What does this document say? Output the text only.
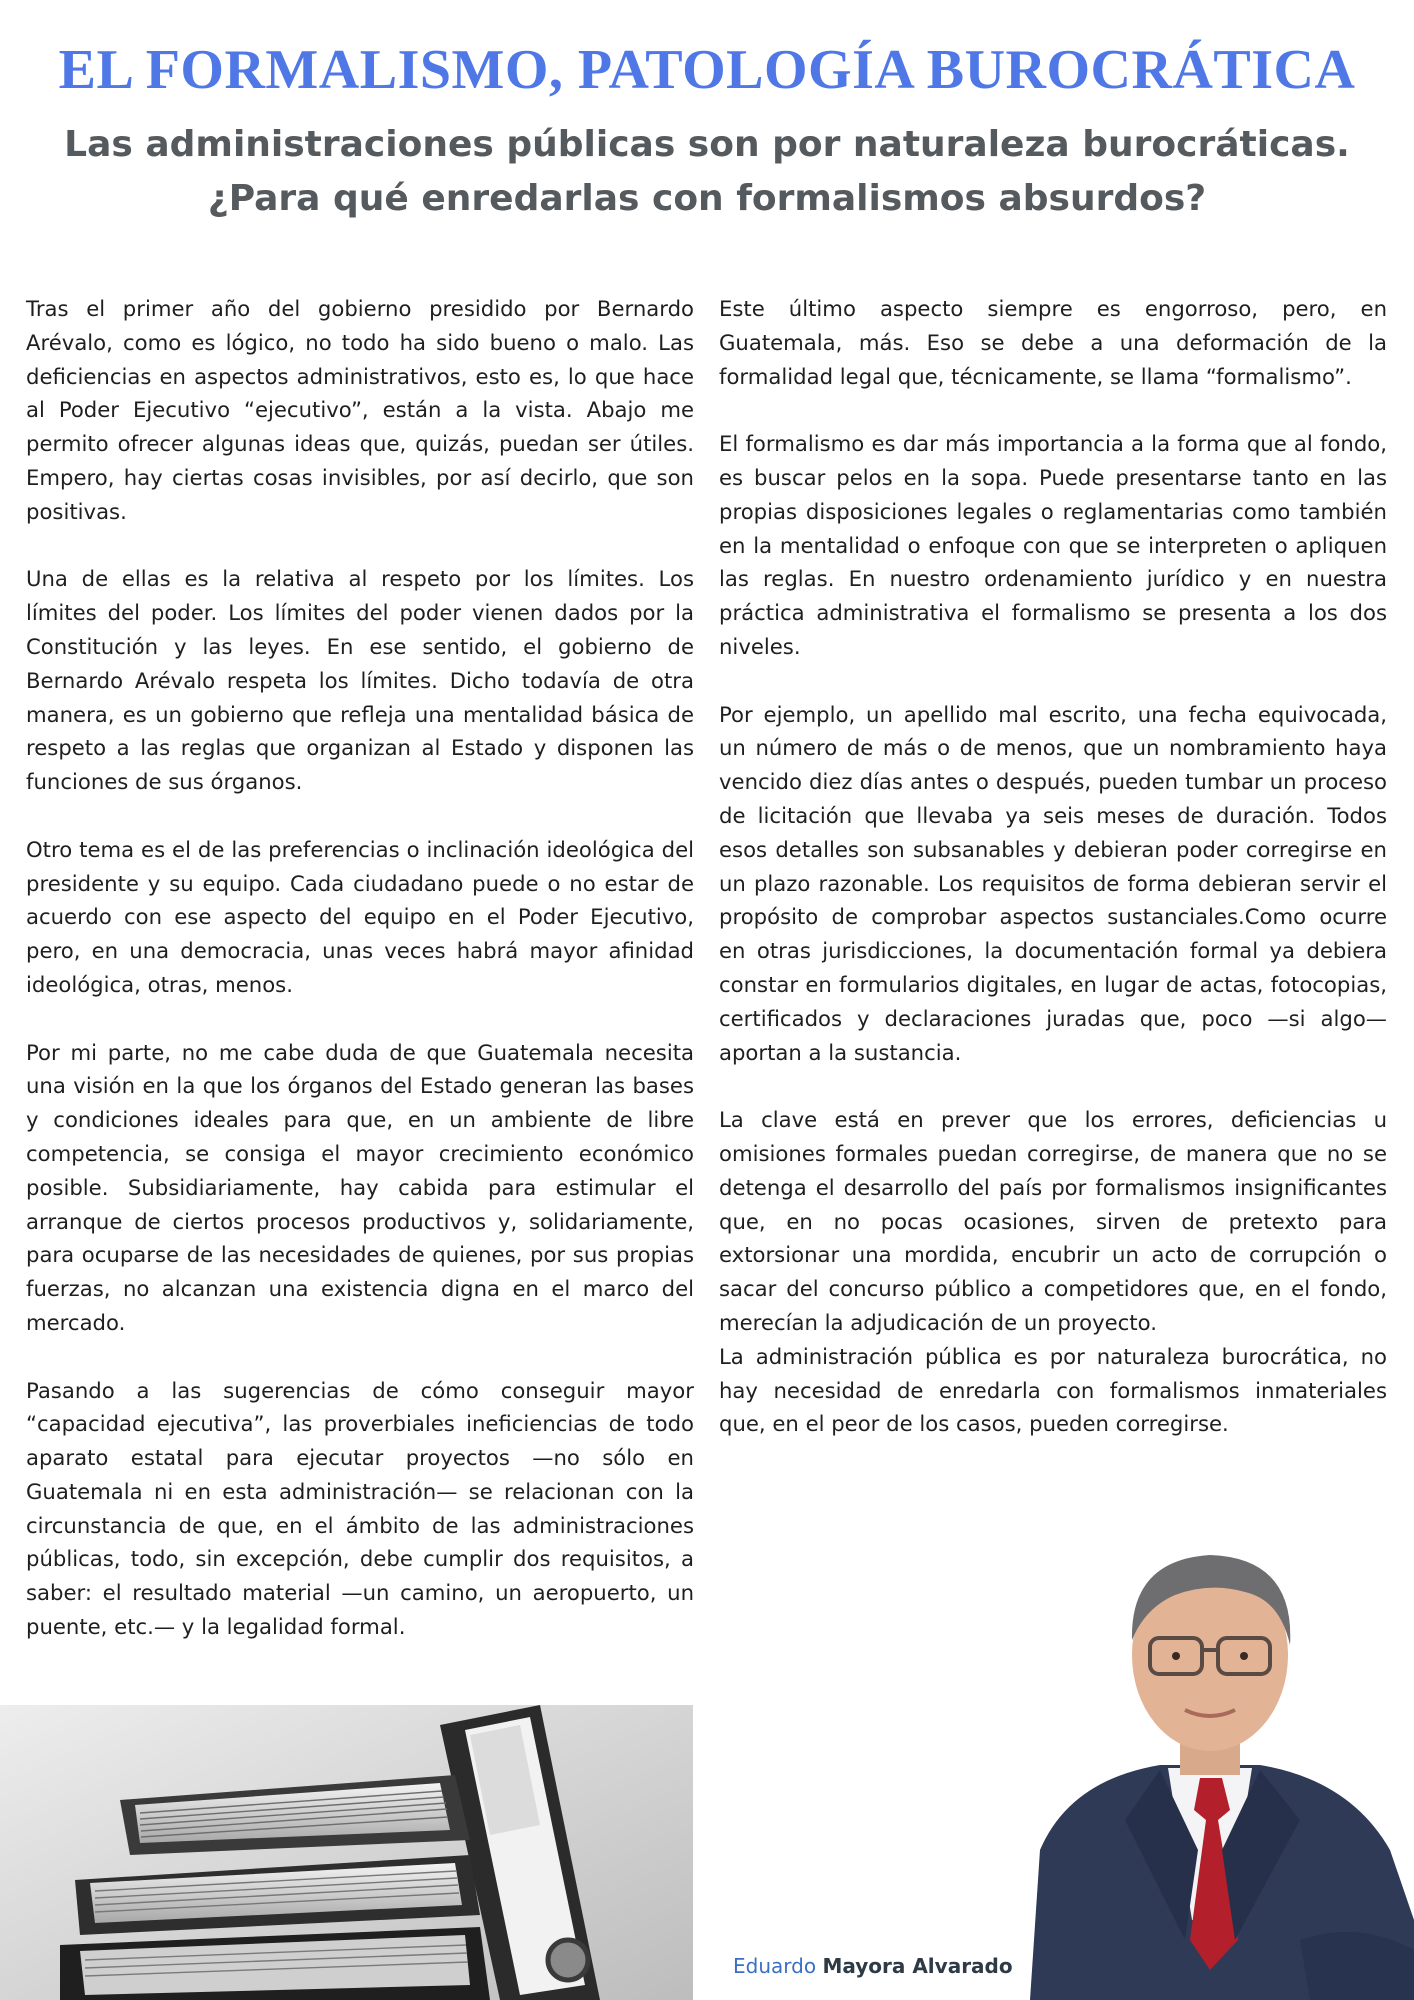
EL FORMALISMO, PATOLOGÍA BUROCRÁTICA
Las administraciones públicas son por naturaleza burocráticas. ¿Para qué enredarlas con formalismos absurdos?

Tras el primer año del gobierno presidido por Bernardo Arévalo, como es lógico, no todo ha sido bueno o malo. Las deficiencias en aspectos administrativos, esto es, lo que hace al Poder Ejecutivo “ejecutivo”, están a la vista. Abajo me permito ofrecer algunas ideas que, quizás, puedan ser útiles. Empero, hay ciertas cosas invisibles, por así decirlo, que son positivas.

Una de ellas es la relativa al respeto por los límites. Los límites del poder. Los límites del poder vienen dados por la Constitución y las leyes. En ese sentido, el gobierno de Bernardo Arévalo respeta los límites. Dicho todavía de otra manera, es un gobierno que refleja una mentalidad básica de respeto a las reglas que organizan al Estado y disponen las funciones de sus órganos.

Otro tema es el de las preferencias o inclinación ideológica del presidente y su equipo. Cada ciudadano puede o no estar de acuerdo con ese aspecto del equipo en el Poder Ejecutivo, pero, en una democracia, unas veces habrá mayor afinidad ideológica, otras, menos.

Por mi parte, no me cabe duda de que Guatemala necesita una visión en la que los órganos del Estado generan las bases y condiciones ideales para que, en un ambiente de libre competencia, se consiga el mayor crecimiento económico posible. Subsidiariamente, hay cabida para estimular el arranque de ciertos procesos productivos y, solidariamente, para ocuparse de las necesidades de quienes, por sus propias fuerzas, no alcanzan una existencia digna en el marco del mercado.

Pasando a las sugerencias de cómo conseguir mayor “capacidad ejecutiva”, las proverbiales ineficiencias de todo aparato estatal para ejecutar proyectos —no sólo en Guatemala ni en esta administración— se relacionan con la circunstancia de que, en el ámbito de las administraciones públicas, todo, sin excepción, debe cumplir dos requisitos, a saber: el resultado material —un camino, un aeropuerto, un puente, etc.— y la legalidad formal.

Este último aspecto siempre es engorroso, pero, en Guatemala, más. Eso se debe a una deformación de la formalidad legal que, técnicamente, se llama “formalismo”.

El formalismo es dar más importancia a la forma que al fondo, es buscar pelos en la sopa. Puede presentarse tanto en las propias disposiciones legales o reglamentarias como también en la mentalidad o enfoque con que se interpreten o apliquen las reglas. En nuestro ordenamiento jurídico y en nuestra práctica administrativa el formalismo se presenta a los dos niveles.

Por ejemplo, un apellido mal escrito, una fecha equivocada, un número de más o de menos, que un nombramiento haya vencido diez días antes o después, pueden tumbar un proceso de licitación que llevaba ya seis meses de duración. Todos esos detalles son subsanables y debieran poder corregirse en un plazo razonable. Los requisitos de forma debieran servir el propósito de comprobar aspectos sustanciales.Como ocurre en otras jurisdicciones, la documentación formal ya debiera constar en formularios digitales, en lugar de actas, fotocopias, certificados y declaraciones juradas que, poco —si algo— aportan a la sustancia.

La clave está en prever que los errores, deficiencias u omisiones formales puedan corregirse, de manera que no se detenga el desarrollo del país por formalismos insignificantes que, en no pocas ocasiones, sirven de pretexto para extorsionar una mordida, encubrir un acto de corrupción o sacar del concurso público a competidores que, en el fondo, merecían la adjudicación de un proyecto.

La administración pública es por naturaleza burocrática, no hay necesidad de enredarla con formalismos inmateriales que, en el peor de los casos, pueden corregirse.

Eduardo Mayora Alvarado
